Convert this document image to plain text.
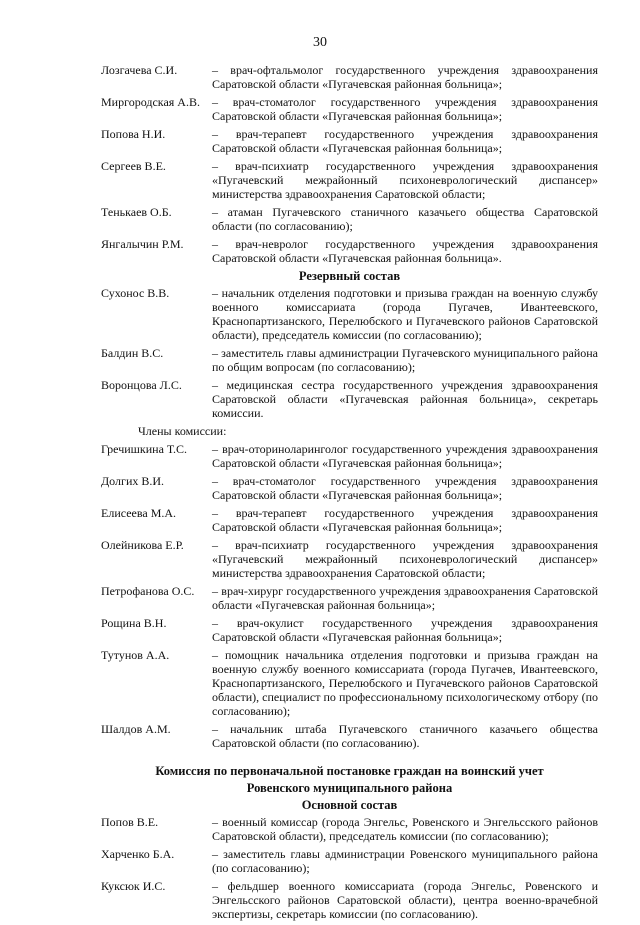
30
Лозгачева С.И.	– врач-офтальмолог государственного учреждения здравоохранения Саратовской области «Пугачевская районная больница»;
Миргородская А.В.	– врач-стоматолог государственного учреждения здравоохранения Саратовской области «Пугачевская районная больница»;
Попова Н.И.	– врач-терапевт государственного учреждения здравоохранения Саратовской области «Пугачевская районная больница»;
Сергеев В.Е.	– врач-психиатр государственного учреждения здравоохранения «Пугачевский межрайонный психоневрологический диспансер» министерства здравоохранения Саратовской области;
Тенькаев О.Б.	– атаман Пугачевского станичного казачьего общества Саратовской области (по согласованию);
Янгалычин Р.М.	– врач-невролог государственного учреждения здравоохранения Саратовской области «Пугачевская районная больница».
Резервный состав
Сухонос В.В.	– начальник отделения подготовки и призыва граждан на военную службу военного комиссариата (города Пугачев, Ивантеевского, Краснопартизанского, Перелюбского и Пугачевского районов Саратовской области), председатель комиссии (по согласованию);
Балдин В.С.	– заместитель главы администрации Пугачевского муниципального района по общим вопросам (по согласованию);
Воронцова Л.С.	– медицинская сестра государственного учреждения здравоохранения Саратовской области «Пугачевская районная больница», секретарь комиссии.
Члены комиссии:
Гречишкина Т.С.	– врач-оториноларинголог государственного учреждения здравоохранения Саратовской области «Пугачевская районная больница»;
Долгих В.И.	– врач-стоматолог государственного учреждения здравоохранения Саратовской области «Пугачевская районная больница»;
Елисеева М.А.	– врач-терапевт государственного учреждения здравоохранения Саратовской области «Пугачевская районная больница»;
Олейникова Е.Р.	– врач-психиатр государственного учреждения здравоохранения «Пугачевский межрайонный психоневрологический диспансер» министерства здравоохранения Саратовской области;
Петрофанова О.С.	– врач-хирург государственного учреждения здравоохранения Саратовской области «Пугачевская районная больница»;
Рощина В.Н.	– врач-окулист государственного учреждения здравоохранения Саратовской области «Пугачевская районная больница»;
Тутунов А.А.	– помощник начальника отделения подготовки и призыва граждан на военную службу военного комиссариата (города Пугачев, Ивантеевского, Краснопартизанского, Перелюбского и Пугачевского районов Саратовской области), специалист по профессиональному психологическому отбору (по согласованию);
Шалдов А.М.	– начальник штаба Пугачевского станичного казачьего общества Саратовской области (по согласованию).
Комиссия по первоначальной постановке граждан на воинский учет
Ровенского муниципального района
Основной состав
Попов В.Е.	– военный комиссар (города Энгельс, Ровенского и Энгельсского районов Саратовской области), председатель комиссии (по согласованию);
Харченко Б.А.	– заместитель главы администрации Ровенского муниципального района (по согласованию);
Куксюк И.С.	– фельдшер военного комиссариата (города Энгельс, Ровенского и Энгельсского районов Саратовской области), центра военно-врачебной экспертизы, секретарь комиссии (по согласованию).
